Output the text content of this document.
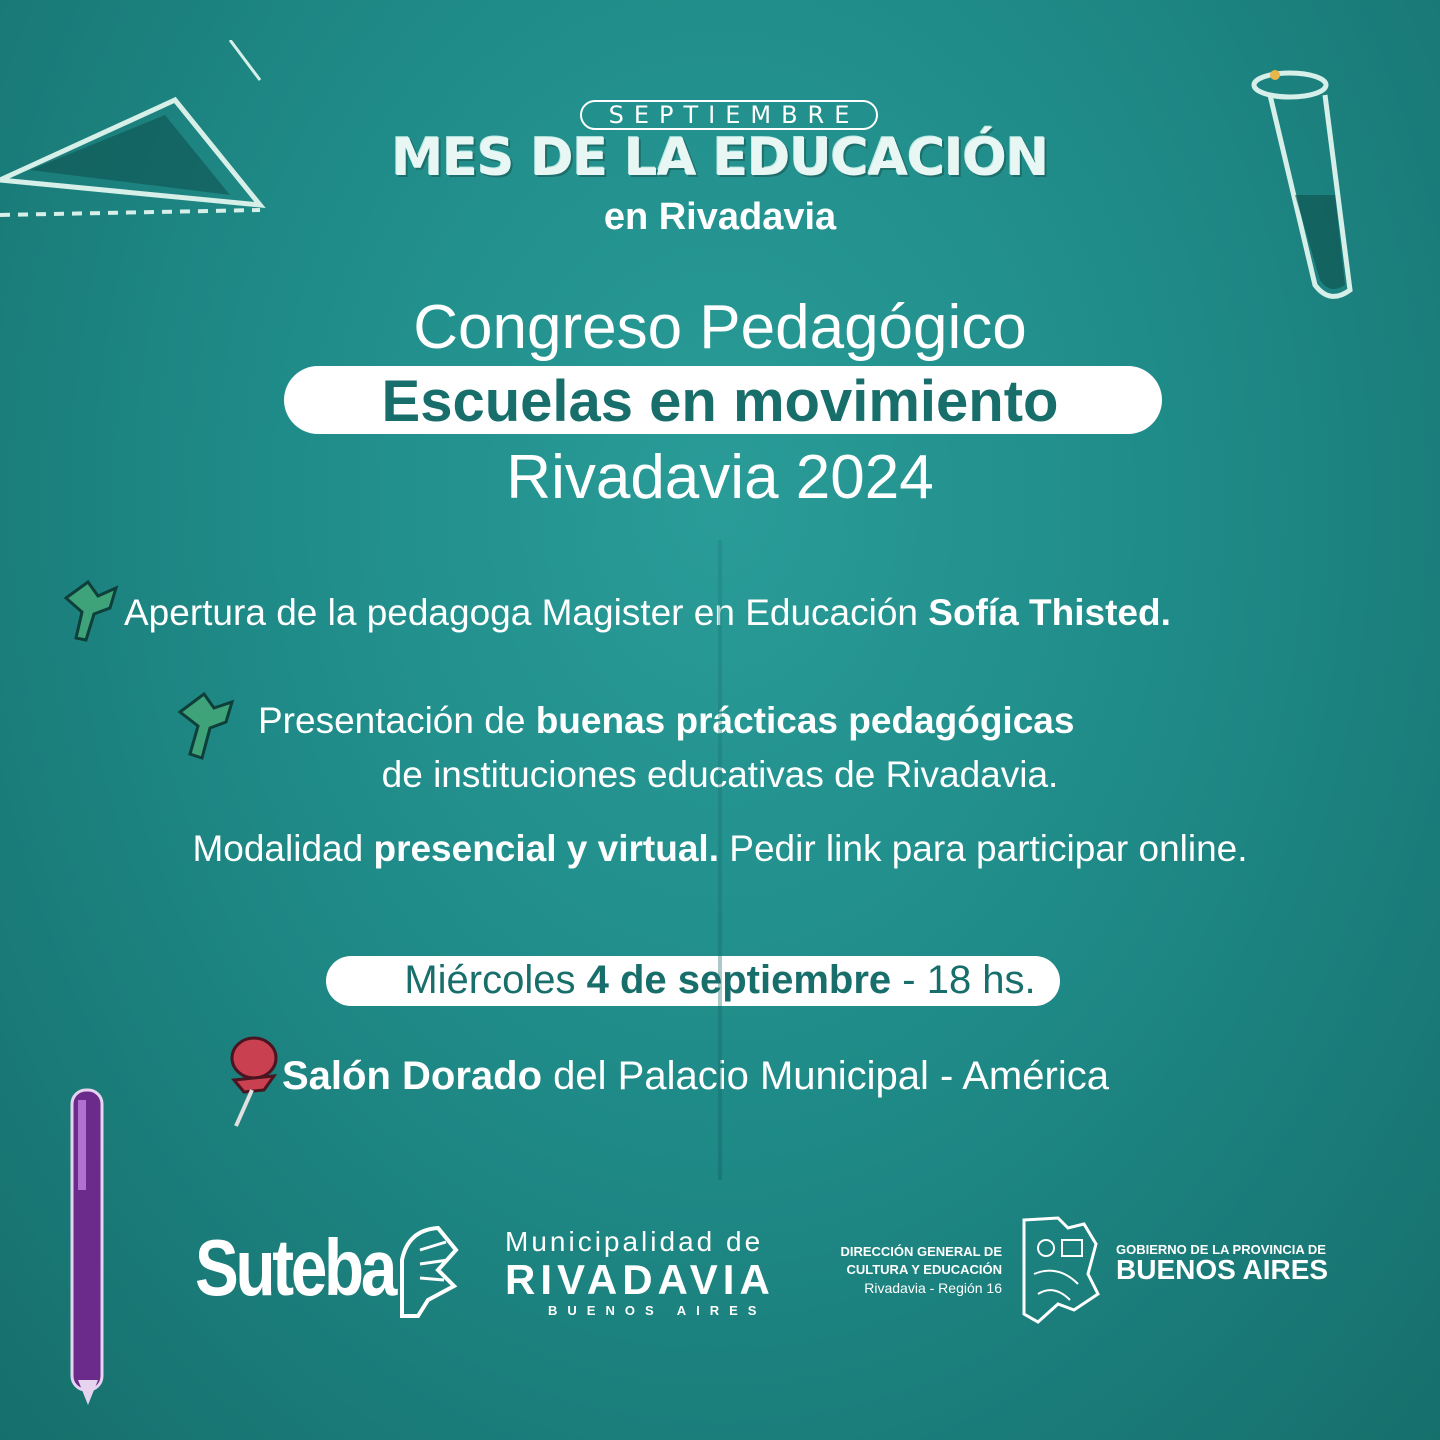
SEPTIEMBRE
MES DE LA EDUCACIÓN
en Rivadavia
Congreso Pedagógico
Escuelas en movimiento
Rivadavia 2024
Apertura de la pedagoga Magister en Educación Sofía Thisted.
Presentación de buenas prácticas pedagógicas
de instituciones educativas de Rivadavia.
Modalidad presencial y virtual. Pedir link para participar online.
Miércoles 4 de septiembre - 18 hs.
Salón Dorado del Palacio Municipal - América
Suteba	Municipalidad de
RIVADAVIA
BUENOS AIRES
DIRECCIÓN GENERAL DE
CULTURA Y EDUCACIÓN
Rivadavia - Región 16
GOBIERNO DE LA PROVINCIA DE
BUENOS AIRES
